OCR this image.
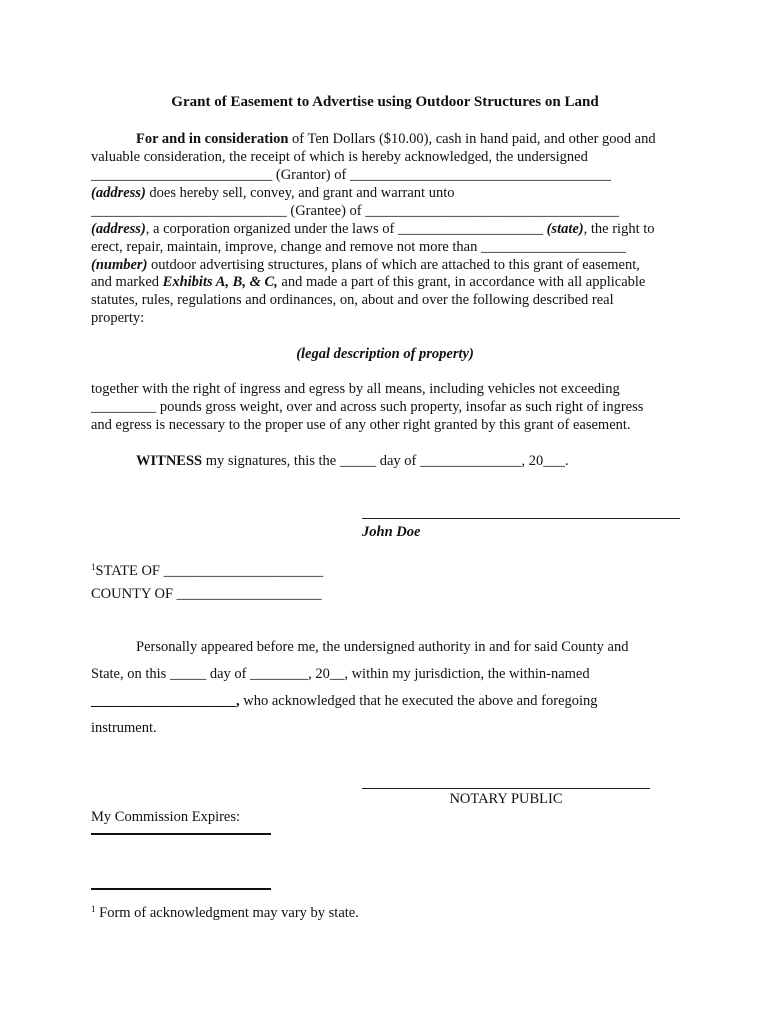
Grant of Easement to Advertise using Outdoor Structures on Land
For and in consideration of Ten Dollars ($10.00), cash in hand paid, and other good and
valuable consideration, the receipt of which is hereby acknowledged, the undersigned
_________________________ (Grantor) of ____________________________________
(address) does hereby sell, convey, and grant and warrant unto
___________________________ (Grantee) of ___________________________________
(address), a corporation organized under the laws of ____________________ (state), the right to
erect, repair, maintain, improve, change and remove not more than ____________________
(number) outdoor advertising structures, plans of which are attached to this grant of easement,
and marked Exhibits A, B, & C, and made a part of this grant, in accordance with all applicable
statutes, rules, regulations and ordinances, on, about and over the following described real
property:
(legal description of property)
together with the right of ingress and egress by all means, including vehicles not exceeding
_________ pounds gross weight, over and across such property, insofar as such right of ingress
and egress is necessary to the proper use of any other right granted by this grant of easement.
WITNESS my signatures, this the _____ day of ______________, 20___.
John Doe
$^1$STATE OF ______________________
COUNTY OF ____________________
Personally appeared before me, the undersigned authority in and for said County and
State, on this _____ day of ________, 20__, within my jurisdiction, the within-named
____________________, who acknowledged that he executed the above and foregoing
instrument.
NOTARY PUBLIC
My Commission Expires:
$^1$ Form of acknowledgment may vary by state.
